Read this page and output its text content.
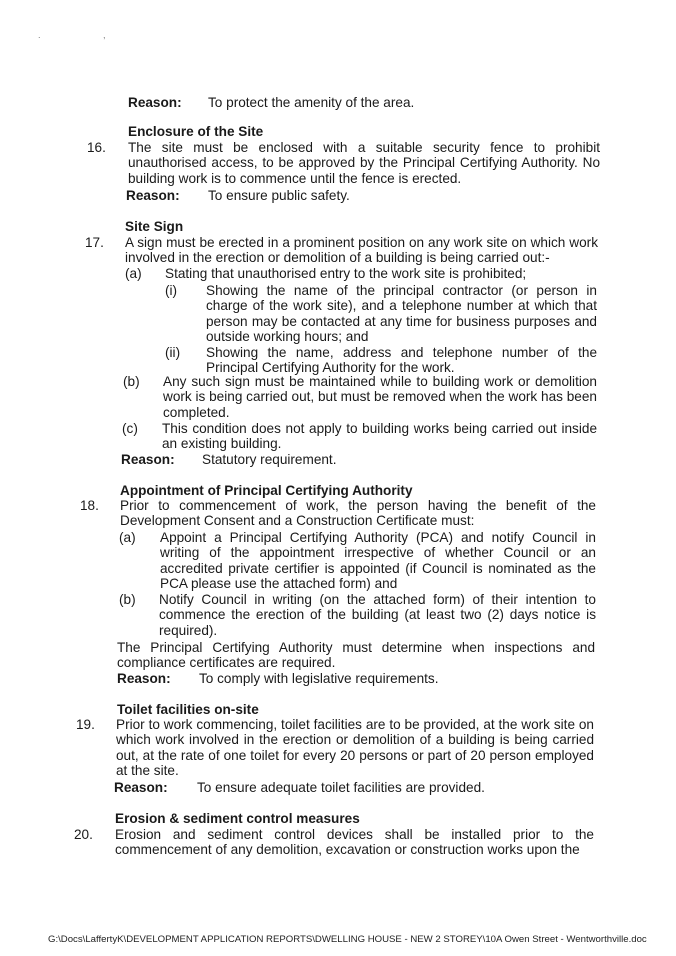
. ,
Reason: To protect the amenity of the area.
Enclosure of the Site
16. The site must be enclosed with a suitable security fence to prohibit unauthorised access, to be approved by the Principal Certifying Authority. No building work is to commence until the fence is erected.
Reason: To ensure public safety.
Site Sign
17. A sign must be erected in a prominent position on any work site on which work involved in the erection or demolition of a building is being carried out:-
(a) Stating that unauthorised entry to the work site is prohibited;
(i) Showing the name of the principal contractor (or person in charge of the work site), and a telephone number at which that person may be contacted at any time for business purposes and outside working hours; and
(ii) Showing the name, address and telephone number of the Principal Certifying Authority for the work.
(b) Any such sign must be maintained while to building work or demolition work is being carried out, but must be removed when the work has been completed.
(c) This condition does not apply to building works being carried out inside an existing building.
Reason: Statutory requirement.
Appointment of Principal Certifying Authority
18. Prior to commencement of work, the person having the benefit of the Development Consent and a Construction Certificate must:
(a) Appoint a Principal Certifying Authority (PCA) and notify Council in writing of the appointment irrespective of whether Council or an accredited private certifier is appointed (if Council is nominated as the PCA please use the attached form) and
(b) Notify Council in writing (on the attached form) of their intention to commence the erection of the building (at least two (2) days notice is required).
The Principal Certifying Authority must determine when inspections and compliance certificates are required.
Reason: To comply with legislative requirements.
Toilet facilities on-site
19. Prior to work commencing, toilet facilities are to be provided, at the work site on which work involved in the erection or demolition of a building is being carried out, at the rate of one toilet for every 20 persons or part of 20 person employed at the site.
Reason: To ensure adequate toilet facilities are provided.
Erosion & sediment control measures
20. Erosion and sediment control devices shall be installed prior to the commencement of any demolition, excavation or construction works upon the
G:\Docs\LaffertyK\DEVELOPMENT APPLICATION REPORTS\DWELLING HOUSE - NEW 2 STOREY\10A Owen Street - Wentworthville.doc
